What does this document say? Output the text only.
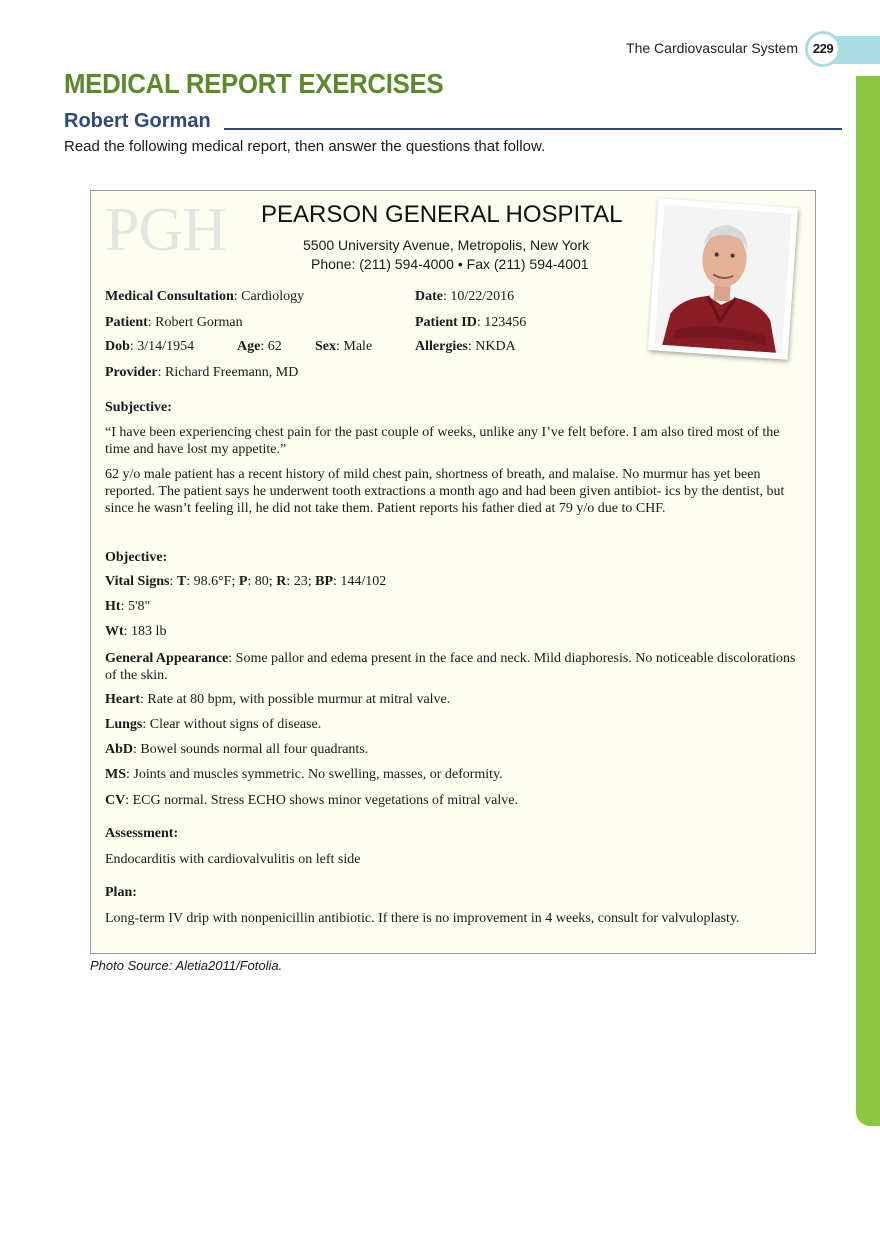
The Cardiovascular System	229
MEDICAL REPORT EXERCISES
Robert Gorman
Read the following medical report, then answer the questions that follow.
PGH PEARSON GENERAL HOSPITAL
5500 University Avenue, Metropolis, New York
Phone: (211) 594-4000 • Fax (211) 594-4001
Medical Consultation: Cardiology	Date: 10/22/2016
Patient: Robert Gorman	Patient ID: 123456
Dob: 3/14/1954	Age: 62 Sex: Male	Allergies: NKDA
Provider: Richard Freemann, MD

Subjective:

“I have been experiencing chest pain for the past couple of weeks, unlike any I’ve felt before. I am also tired most of the time and have lost my appetite.”

62 y/o male patient has a recent history of mild chest pain, shortness of breath, and malaise. No murmur has yet been reported. The patient says he underwent tooth extractions a month ago and had been given antibiot- ics by the dentist, but since he wasn’t feeling ill, he did not take them. Patient reports his father died at 79 y/o due to CHF.

Objective:

Vital Signs: T: 98.6°F; P: 80; R: 23; BP: 144/102

Ht: 5'8"

Wt: 183 lb

General Appearance: Some pallor and edema present in the face and neck. Mild diaphoresis. No noticeable discolorations of the skin.

Heart: Rate at 80 bpm, with possible murmur at mitral valve.

Lungs: Clear without signs of disease.

AbD: Bowel sounds normal all four quadrants.

MS: Joints and muscles symmetric. No swelling, masses, or deformity.

CV: ECG normal. Stress ECHO shows minor vegetations of mitral valve.

Assessment:

Endocarditis with cardiovalvulitis on left side

Plan:

Long-term IV drip with nonpenicillin antibiotic. If there is no improvement in 4 weeks, consult for valvuloplasty.

Photo Source: Aletia2011/Fotolia.
